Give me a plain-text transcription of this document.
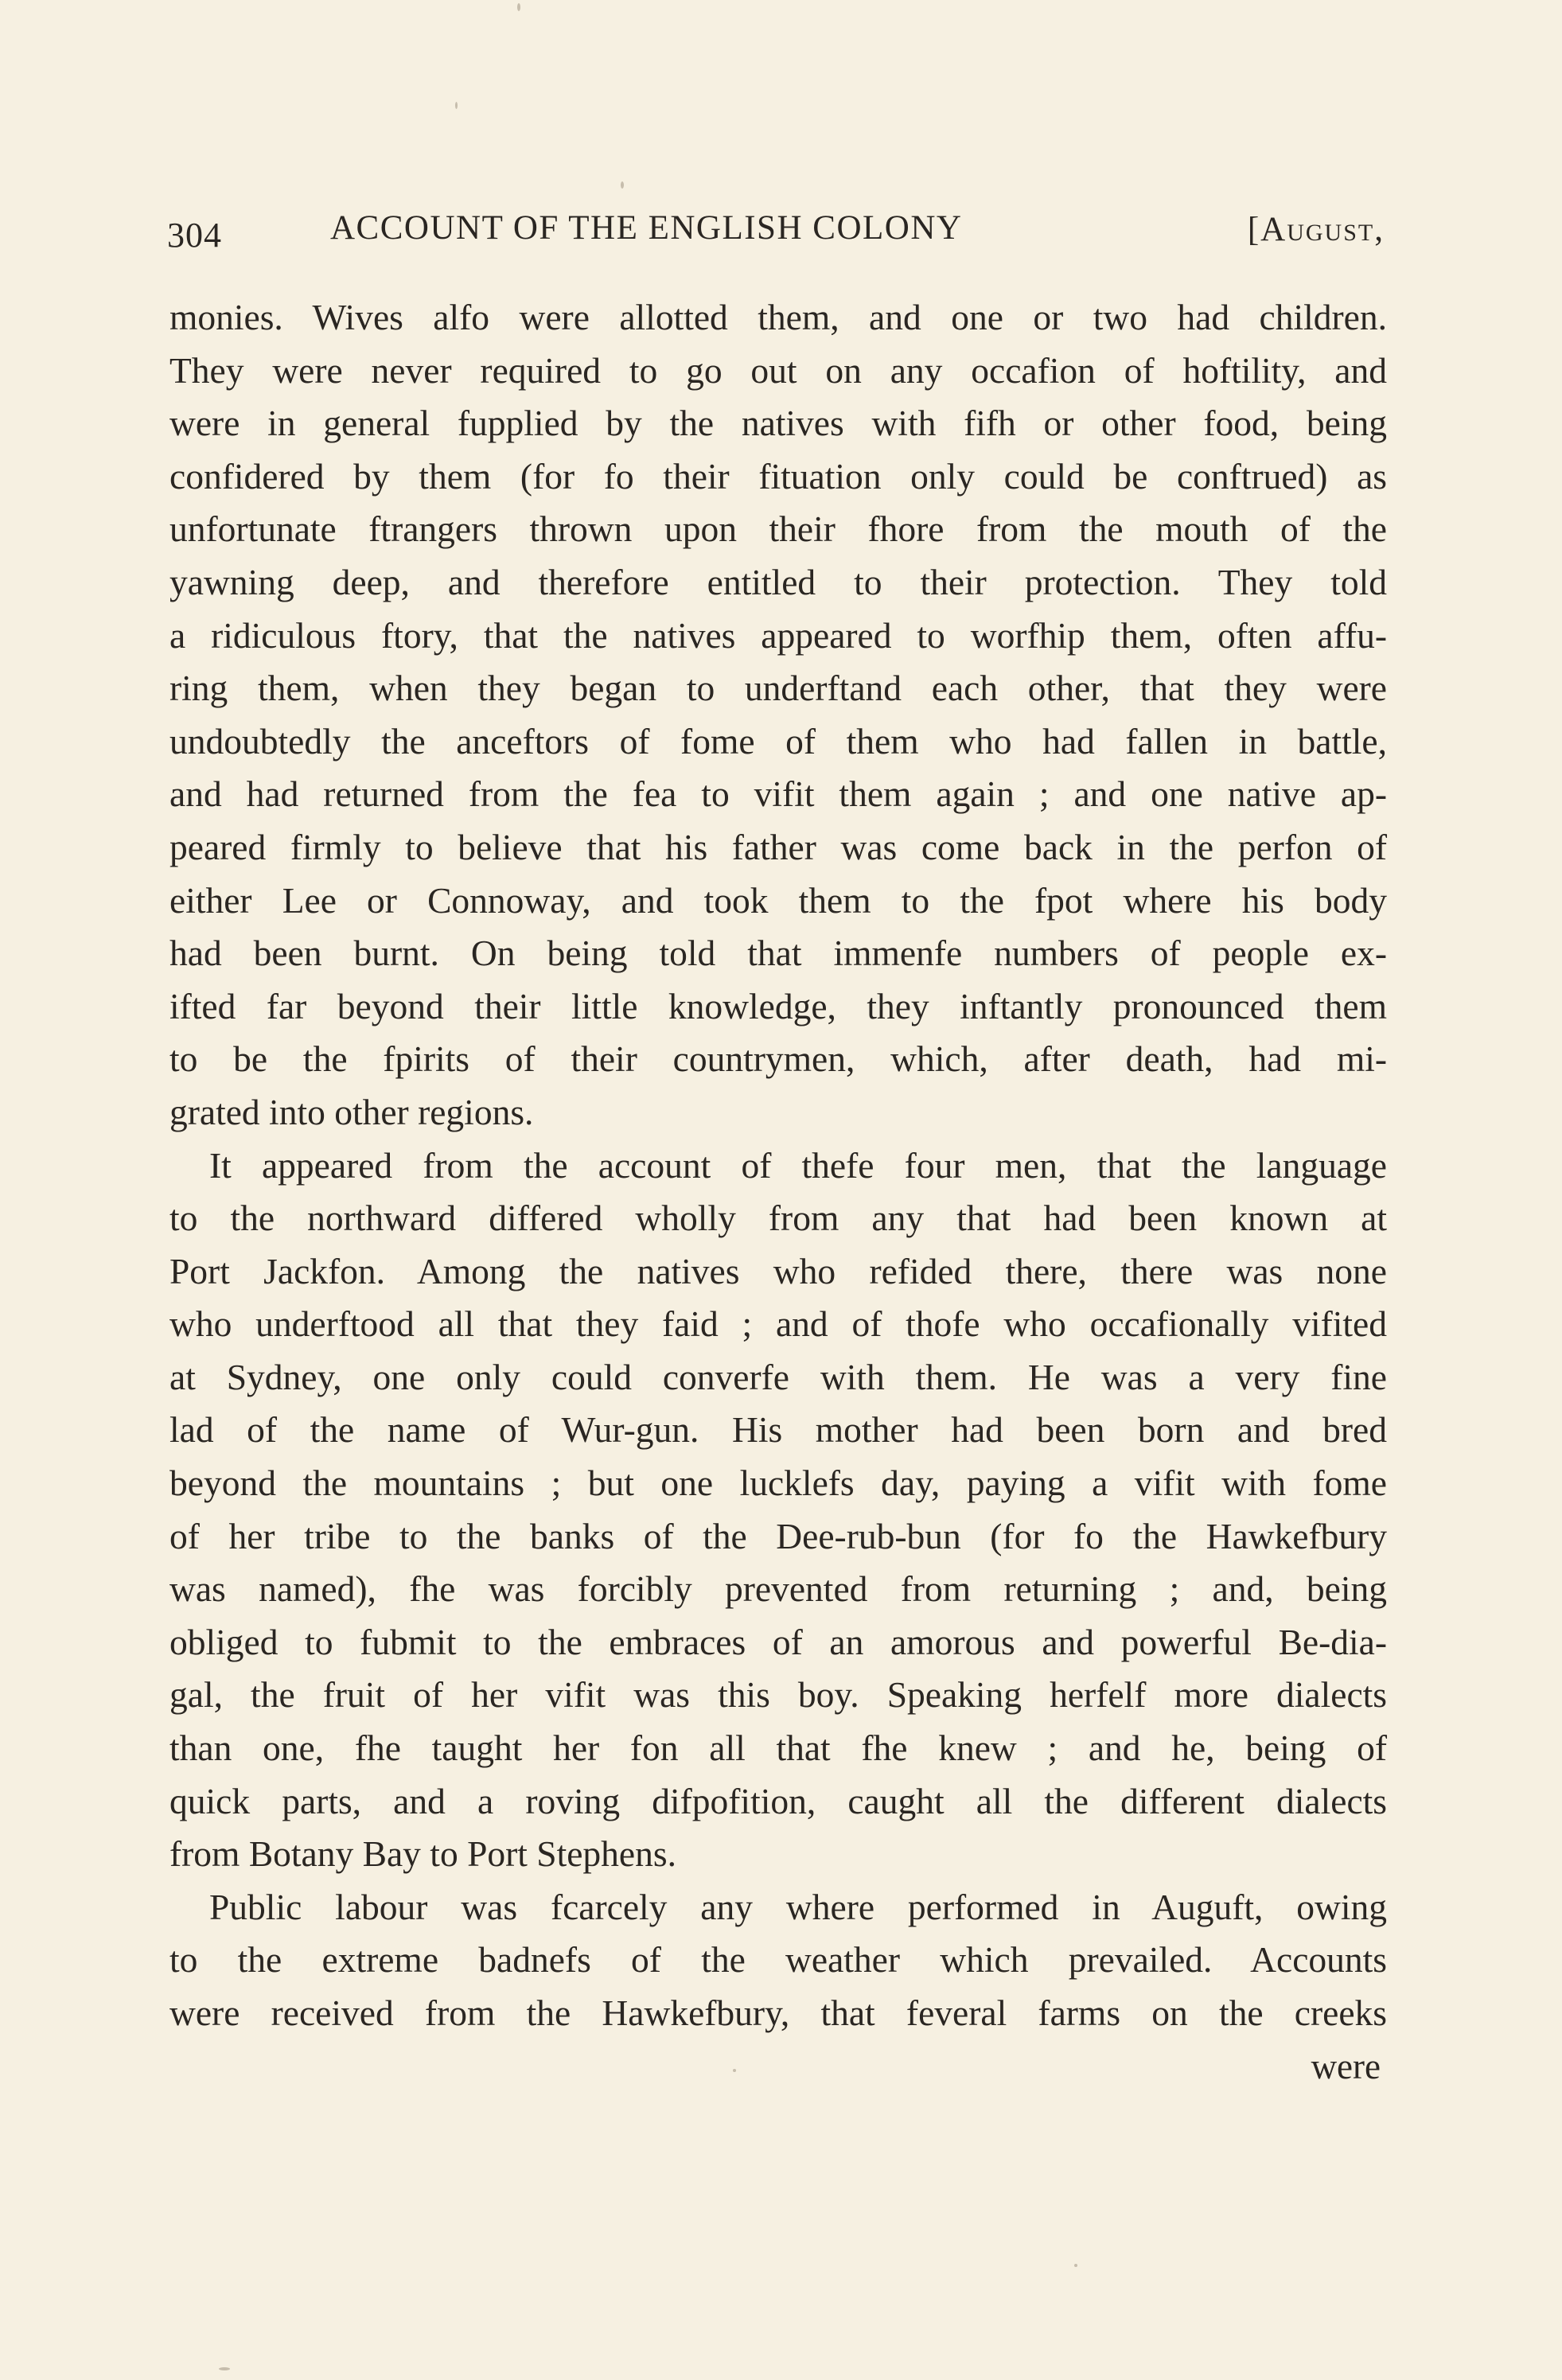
304	ACCOUNT OF THE ENGLISH COLONY	[August,
monies. Wives alfo were allotted them, and one or two had children.
They were never required to go out on any occafion of hoftility, and
were in general fupplied by the natives with fifh or other food, being
confidered by them (for fo their fituation only could be conftrued) as
unfortunate ftrangers thrown upon their fhore from the mouth of the
yawning deep, and therefore entitled to their protection. They told
a ridiculous ftory, that the natives appeared to worfhip them, often affu-
ring them, when they began to underftand each other, that they were
undoubtedly the anceftors of fome of them who had fallen in battle,
and had returned from the fea to vifit them again ; and one native ap-
peared firmly to believe that his father was come back in the perfon of
either Lee or Connoway, and took them to the fpot where his body
had been burnt. On being told that immenfe numbers of people ex-
ifted far beyond their little knowledge, they inftantly pronounced them
to be the fpirits of their countrymen, which, after death, had mi-
grated into other regions.
It appeared from the account of thefe four men, that the language
to the northward differed wholly from any that had been known at
Port Jackfon. Among the natives who refided there, there was none
who underftood all that they faid ; and of thofe who occafionally vifited
at Sydney, one only could converfe with them. He was a very fine
lad of the name of Wur-gun. His mother had been born and bred
beyond the mountains ; but one lucklefs day, paying a vifit with fome
of her tribe to the banks of the Dee-rub-bun (for fo the Hawkefbury
was named), fhe was forcibly prevented from returning ; and, being
obliged to fubmit to the embraces of an amorous and powerful Be-dia-
gal, the fruit of her vifit was this boy. Speaking herfelf more dialects
than one, fhe taught her fon all that fhe knew ; and he, being of
quick parts, and a roving difpofition, caught all the different dialects
from Botany Bay to Port Stephens.
Public labour was fcarcely any where performed in Auguft, owing
to the extreme badnefs of the weather which prevailed. Accounts
were received from the Hawkefbury, that feveral farms on the creeks
were
